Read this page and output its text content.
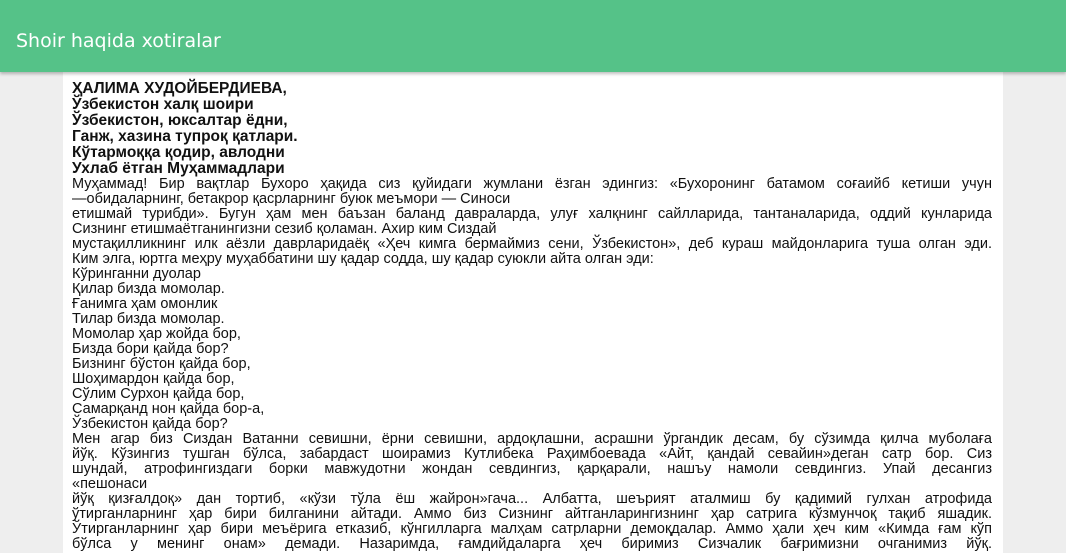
Shoir haqida xotiralar
ҲАЛИМА ХУДОЙБЕРДИЕВА,
Ўзбекистон халқ шоири
Ўзбекистон, юксалтар ёдни,
Ганж, хазина тупроқ қатлари.
Кўтармоққа қодир, авлодни
Ухлаб ётган Муҳаммадлари
Муҳаммад! Бир вақтлар Бухоро ҳақида сиз қуйидаги жумлани ёзган эдингиз: «Бухоронинг батамом соғаийб кетиши учун
—обидаларнинг, бетакрор қасрларнинг буюк меъмори — Синоси
етишмай турибди». Бугун ҳам мен баъзан баланд давраларда, улуғ халқнинг сайлларида, тантаналарида, оддий кунларида
Сизнинг етишмаётганингизни сезиб қоламан. Ахир ким Сиздай
мустақилликнинг илк аёзли даврларидаёқ «Ҳеч кимга бермаймиз сени, Ўзбекистон», деб кураш майдонларига туша олган эди.
Ким элга, юртга меҳру муҳаббатини шу қадар содда, шу қадар суюкли айта олган эди:
Кўринганни дуолар
Қилар бизда момолар.
Ғанимга ҳам омонлик
Тилар бизда момолар.
Момолар ҳар жойда бор,
Бизда бори қайда бор?
Бизнинг бўстон қайда бор,
Шоҳимардон қайда бор,
Сўлим Сурхон қайда бор,
Самарқанд нон қайда бор-а,
Ўзбекистон қайда бор?
Мен агар биз Сиздан Ватанни севишни, ёрни севишни, ардоқлашни, асрашни ўргандик десам, бу сўзимда қилча муболаға
йўқ. Кўзингиз тушган бўлса, забардаст шоирамиз Кутлибека Раҳимбоевада «Айт, қандай севайин»деган сатр бор. Сиз
шундай, атрофингиздаги борки мавжудотни жондан севдингиз, қарқарали, нашъу намоли севдингиз. Упай десангиз
«пешонаси
йўқ қизғалдоқ» дан тортиб, «кўзи тўла ёш жайрон»гача... Албатта, шеърият аталмиш бу қадимий гулхан атрофида
ўтирганларнинг ҳар бири билганини айтади. Аммо биз Сизнинг айтганларингизнинг ҳар сатрига кўзмунчоқ тақиб яшадик.
Ўтирганларнинг ҳар бири меъёрига етказиб, кўнгилларга малҳам сатрларни демоқдалар. Аммо ҳали ҳеч ким «Кимда ғам кўп
бўлса у менинг онам» демади. Назаримда, ғамдийдаларга ҳеч биримиз Сизчалик бағримизни очганимиз йўқ.
